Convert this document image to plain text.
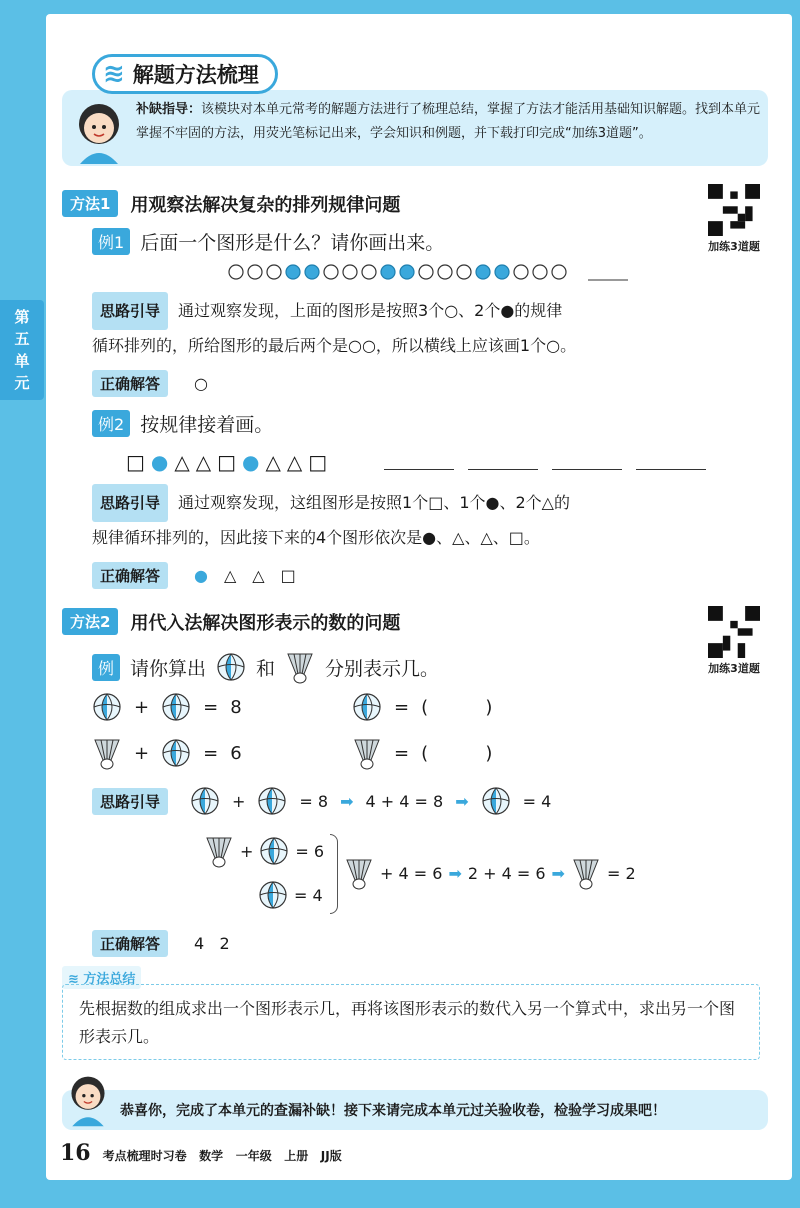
第
五
单
元
≋ 解题方法梳理
补缺指导：该模块对本单元常考的解题方法进行了梳理总结，掌握了方法才能活用基础知识解题。找到本单元掌握不牢固的方法，用荧光笔标记出来，学会知识和例题，并下载打印完成“加练3道题”。
方法1	用观察法解决复杂的排列规律问题
加练3道题
例1 后面一个图形是什么？请你画出来。
思路引导 通过观察发现，上面的图形是按照3个○、2个●的规律
循环排列的，所给图形的最后两个是○○，所以横线上应该画1个○。
正确解答	○
例2 按规律接着画。
□ ● △ △ □ ● △ △ □
思路引导 通过观察发现，这组图形是按照1个□、1个●、2个△的
规律循环排列的，因此接下来的4个图形依次是●、△、△、□。
正确解答	● △ △ □
方法2	用代入法解决图形表示的数的问题
加练3道题
例 请你算出	和	分别表示几。
+	= 8	= (          )
+	= 6	= (          )
思路引导	+	= 8 ➡ 4 + 4 = 8 ➡	= 4
+	= 6
= 4
+ 4 = 6 ➡ 2 + 4 = 6 ➡	= 2
正确解答	4   2
≋ 方法总结
先根据数的组成求出一个图形表示几，再将该图形表示的数代入另一个算式中，求出另一个图形表示几。
恭喜你，完成了本单元的查漏补缺！接下来请完成本单元过关验收卷，检验学习成果吧！
16 考点梳理时习卷   数学   一年级   上册   JJ版
